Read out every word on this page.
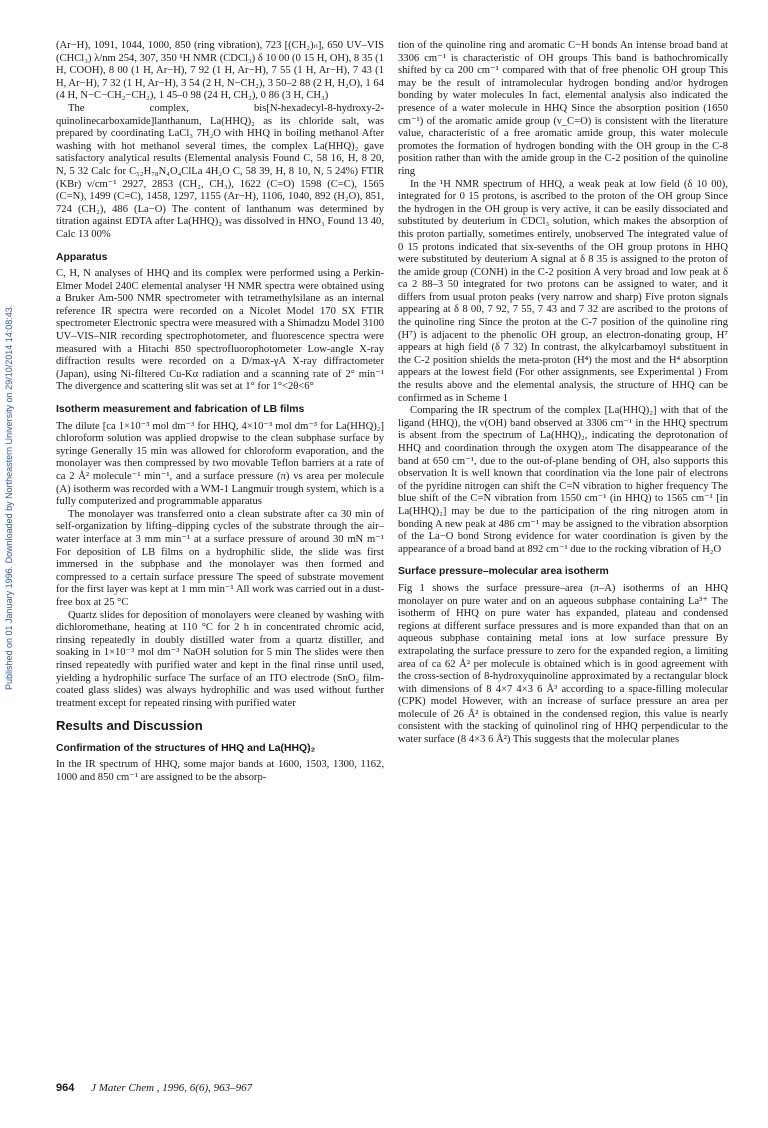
Published on 01 January 1996. Downloaded by Northeastern University on 29/10/2014 14:08:43.

(Ar−H), 1091, 1044, 1000, 850 (ring vibration), 723 [(CH₂)ₙ], 650 UV–VIS (CHCl₃) λ/nm 254, 307, 350 ¹H NMR (CDCl₃) δ 10 00 (0 15 H, OH), 8 35 (1 H, COOH), 8 00 (1 H, Ar−H), 7 92 (1 H, Ar−H), 7 55 (1 H, Ar−H), 7 43 (1 H, Ar−H), 7 32 (1 H, Ar−H), 3 54 (2 H, N−CH₂), 3 50–2 88 (2 H, H₂O), 1 64 (4 H, N−C−CH₂−CH₂), 1 45–0 98 (24 H, CH₂), 0 86 (3 H, CH₃)

The complex, bis[N-hexadecyl-8-hydroxy-2-quinolinecarboxamide]lanthanum, La(HHQ)₂ as its chloride salt, was prepared by coordinating LaCl₃ 7H₂O with HHQ in boiling methanol After washing with hot methanol several times, the complex La(HHQ)₂ gave satisfactory analytical results (Elemental analysis Found C, 58 16, H, 8 20, N, 5 32 Calc for C₅₂H₇₈N₄O₄ClLa 4H₂O C, 58 39, H, 8 10, N, 5 24%) FTIR (KBr) ν/cm⁻¹ 2927, 2853 (CH₂, CH₃), 1622 (C=O) 1598 (C=C), 1565 (C=N), 1499 (C=C), 1458, 1297, 1155 (Ar−H), 1106, 1040, 892 (H₂O), 851, 724 (CH₂), 486 (La−O) The content of lanthanum was determined by titration against EDTA after La(HHQ)₂ was dissolved in HNO₃ Found 13 40, Calc 13 00%

Apparatus

C, H, N analyses of HHQ and its complex were performed using a Perkin-Elmer Model 240C elemental analyser ¹H NMR spectra were obtained using a Bruker Am-500 NMR spectrometer with tetramethylsilane as an internal reference IR spectra were recorded on a Nicolet Model 170 SX FTIR spectrometer Electronic spectra were measured with a Shimadzu Model 3100 UV–VIS–NIR recording spectrophotometer, and fluorescence spectra were measured with a Hitachi 850 spectrofluorophotometer Low-angle X-ray diffraction results were recorded on a D/max-γA X-ray diffractometer (Japan), using Ni-filtered Cu-Kα radiation and a scanning rate of 2° min⁻¹ The divergence and scattering slit was set at 1° for 1°<2θ<6°

Isotherm measurement and fabrication of LB films

The dilute [ca 1×10⁻³ mol dm⁻³ for HHQ, 4×10⁻³ mol dm⁻³ for La(HHQ)₂] chloroform solution was applied dropwise to the clean subphase surface by syringe Generally 15 min was allowed for chloroform evaporation, and the monolayer was then compressed by two movable Teflon barriers at a rate of ca 2 Å² molecule⁻¹ min⁻¹, and a surface pressure (π) vs area per molecule (A) isotherm was recorded with a WM-1 Langmuir trough system, which is a fully computerized and programmable apparatus

The monolayer was transferred onto a clean substrate after ca 30 min of self-organization by lifting–dipping cycles of the substrate through the air–water interface at 3 mm min⁻¹ at a surface pressure of around 30 mN m⁻¹ For deposition of LB films on a hydrophilic slide, the slide was first immersed in the subphase and the monolayer was then formed and compressed to a certain surface pressure The speed of substrate movement for the first layer was kept at 1 mm min⁻¹ All work was carried out in a dust-free box at 25 °C

Quartz slides for deposition of monolayers were cleaned by washing with dichloromethane, heating at 110 °C for 2 h in concentrated chromic acid, rinsing repeatedly in doubly distilled water from a quartz distiller, and soaking in 1×10⁻³ mol dm⁻³ NaOH solution for 5 min The slides were then rinsed repeatedly with purified water and kept in the final rinse until used, yielding a hydrophilic surface The surface of an ITO electrode (SnO₂ film-coated glass slides) was always hydrophilic and was used without further treatment except for repeated rinsing with purified water

Results and Discussion
Confirmation of the structures of HHQ and La(HHQ)₂

In the IR spectrum of HHQ, some major bands at 1600, 1503, 1300, 1162, 1000 and 850 cm⁻¹ are assigned to be the absorp-

tion of the quinoline ring and aromatic C−H bonds An intense broad band at 3306 cm⁻¹ is characteristic of OH groups This band is bathochromically shifted by ca 200 cm⁻¹ compared with that of free phenolic OH group This may be the result of intramolecular hydrogen bonding and/or hydrogen bonding by water molecules In fact, elemental analysis also indicated the presence of a water molecule in HHQ Since the absorption position (1650 cm⁻¹) of the aromatic amide group (ν_C=O) is consistent with the literature value, characteristic of a free aromatic amide group, this water molecule promotes the formation of hydrogen bonding with the OH group in the C-8 position rather than with the amide group in the C-2 position of the quinoline ring

In the ¹H NMR spectrum of HHQ, a weak peak at low field (δ 10 00), integrated for 0 15 protons, is ascribed to the proton of the OH group Since the hydrogen in the OH group is very active, it can be easily dissociated and substituted by deuterium in CDCl₃ solution, which makes the absorption of this proton partially, sometimes entirely, unobserved The integrated value of 0 15 protons indicated that six-sevenths of the OH group protons in HHQ were substituted by deuterium A signal at δ 8 35 is assigned to the proton of the amide group (CONH) in the C-2 position A very broad and low peak at δ ca 2 88–3 50 integrated for two protons can be assigned to water, and it differs from usual proton peaks (very narrow and sharp) Five proton signals appearing at δ 8 00, 7 92, 7 55, 7 43 and 7 32 are ascribed to the protons of the quinoline ring Since the proton at the C-7 position of the quinoline ring (H⁷) is adjacent to the phenolic OH group, an electron-donating group, H⁷ appears at high field (δ 7 32) In contrast, the alkylcarbamoyl substituent in the C-2 position shields the meta-proton (H⁴) the most and the H⁴ absorption appears at the lowest field (For other assignments, see Experimental ) From the results above and the elemental analysis, the structure of HHQ can be confirmed as in Scheme 1

Comparing the IR spectrum of the complex [La(HHQ)₂] with that of the ligand (HHQ), the ν(OH) band observed at 3306 cm⁻¹ in the HHQ spectrum is absent from the spectrum of La(HHQ)₂, indicating the deprotonation of HHQ and coordination through the oxygen atom The disappearance of the band at 650 cm⁻¹, due to the out-of-plane bending of OH, also supports this observation It is well known that coordination via the lone pair of electrons of the pyridine nitrogen can shift the C=N vibration to higher frequency The blue shift of the C=N vibration from 1550 cm⁻¹ (in HHQ) to 1565 cm⁻¹ [in La(HHQ)₂] may be due to the participation of the ring nitrogen atom in bonding A new peak at 486 cm⁻¹ may be assigned to the vibration absorption of the La−O bond Strong evidence for water coordination is given by the appearance of a broad band at 892 cm⁻¹ due to the rocking vibration of H₂O

Surface pressure–molecular area isotherm

Fig 1 shows the surface pressure–area (π–A) isotherms of an HHQ monolayer on pure water and on an aqueous subphase containing La³⁺ The isotherm of HHQ on pure water has expanded, plateau and condensed regions at different surface pressures and is more expanded than that on an aqueous subphase containing metal ions at low surface pressure By extrapolating the surface pressure to zero for the expanded region, a limiting area of ca 62 Å² per molecule is obtained which is in good agreement with the cross-section of 8-hydroxyquinoline approximated by a rectangular block with dimensions of 8 4×7 4×3 6 Å³ according to a space-filling molecular (CPK) model However, with an increase of surface pressure an area per molecule of 26 Å² is obtained in the condensed region, this value is nearly consistent with the stacking of quinolinol ring of HHQ perpendicular to the water surface (8 4×3 6 Å²) This suggests that the molecular planes

964 J Mater Chem , 1996, 6(6), 963–967
